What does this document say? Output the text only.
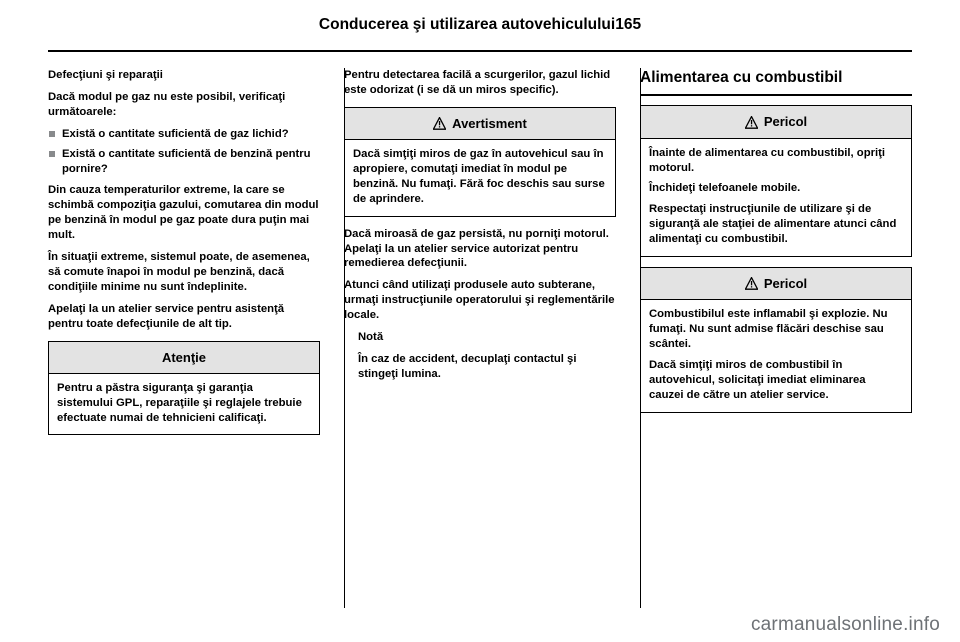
Conducerea şi utilizarea autovehiculului165

Defecţiuni şi reparaţii

Dacă modul pe gaz nu este posibil, verificaţi următoarele:

Există o cantitate suficientă de gaz lichid?
Există o cantitate suficientă de benzină pentru pornire?

Din cauza temperaturilor extreme, la care se schimbă compoziţia gazului, comutarea din modul pe benzină în modul pe gaz poate dura puţin mai mult.

În situaţii extreme, sistemul poate, de asemenea, să comute înapoi în modul pe benzină, dacă condiţiile minime nu sunt îndeplinite.

Apelaţi la un atelier service pentru asistenţă pentru toate defecţiunile de alt tip.

Atenţie

Pentru a păstra siguranţa şi garanţia sistemului GPL, reparaţiile şi reglajele trebuie efectuate numai de tehnicieni calificaţi.

Pentru detectarea facilă a scurgerilor, gazul lichid este odorizat (i se dă un miros specific).

Avertisment

Dacă simţiţi miros de gaz în autovehicul sau în apropiere, comutaţi imediat în modul pe benzină. Nu fumaţi. Fără foc deschis sau surse de aprindere.

Dacă miroasă de gaz persistă, nu porniţi motorul. Apelaţi la un atelier service autorizat pentru remedierea defecţiunii.

Atunci când utilizaţi produsele auto subterane, urmaţi instrucţiunile operatorului şi reglementările locale.

Notă

În caz de accident, decuplaţi contactul şi stingeţi lumina.

Alimentarea cu combustibil
Pericol

Înainte de alimentarea cu combustibil, opriţi motorul.

Închideţi telefoanele mobile.

Respectaţi instrucţiunile de utilizare şi de siguranţă ale staţiei de alimentare atunci când alimentaţi cu combustibil.

Pericol

Combustibilul este inflamabil şi explozie. Nu fumaţi. Nu sunt admise flăcări deschise sau scântei.

Dacă simţiţi miros de combustibil în autovehicul, solicitaţi imediat eliminarea cauzei de către un atelier service.

carmanualsonline.info
